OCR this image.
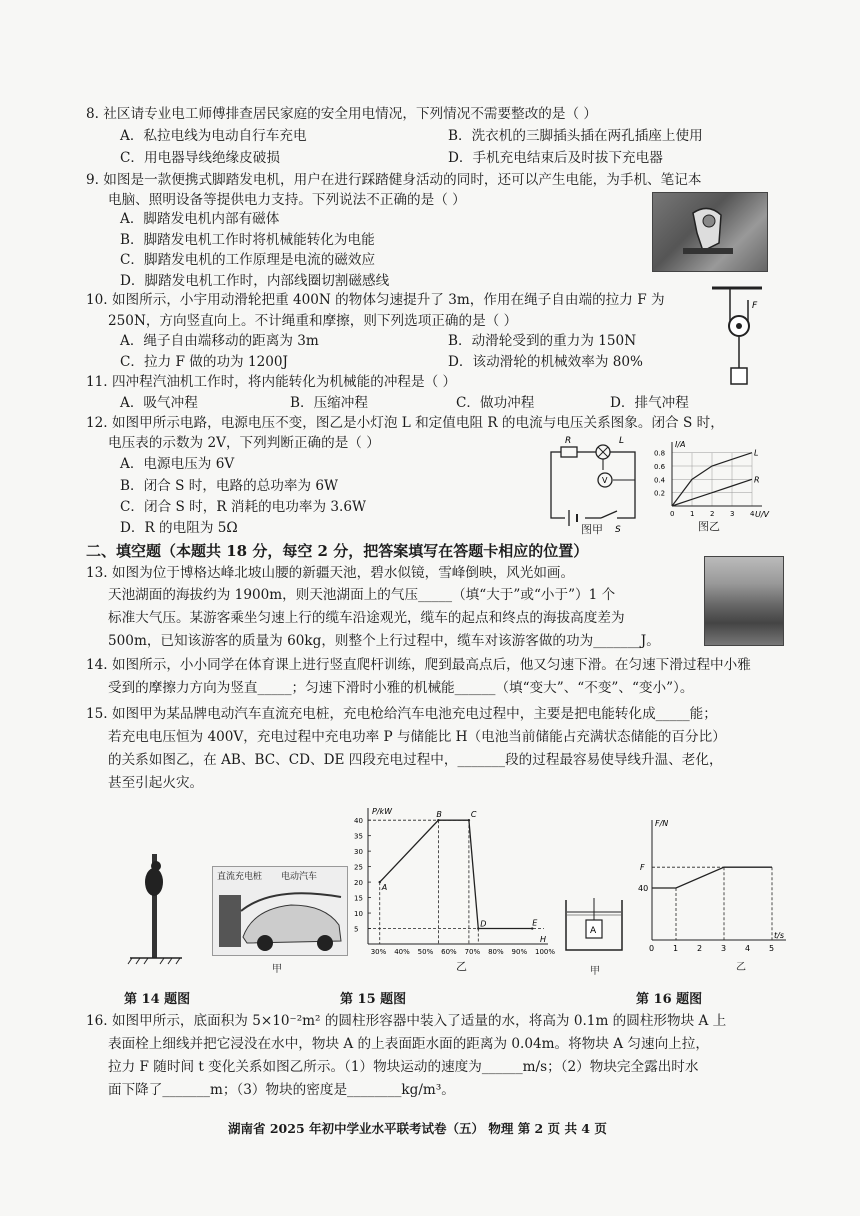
8. 社区请专业电工师傅排查居民家庭的安全用电情况，下列情况不需要整改的是（ ）
A．私拉电线为电动自行车充电	B．洗衣机的三脚插头插在两孔插座上使用
C．用电器导线绝缘皮破损	D．手机充电结束后及时拔下充电器
9. 如图是一款便携式脚踏发电机，用户在进行踩踏健身活动的同时，还可以产生电能，为手机、笔记本
电脑、照明设备等提供电力支持。下列说法不正确的是（ ）
A．脚踏发电机内部有磁体
B．脚踏发电机工作时将机械能转化为电能
C．脚踏发电机的工作原理是电流的磁效应
D．脚踏发电机工作时，内部线圈切割磁感线
10. 如图所示，小宇用动滑轮把重 400N 的物体匀速提升了 3m，作用在绳子自由端的拉力 F 为
250N，方向竖直向上。不计绳重和摩擦，则下列选项正确的是（ ）
A．绳子自由端移动的距离为 3m	B．动滑轮受到的重力为 150N
C．拉力 F 做的功为 1200J	D．该动滑轮的机械效率为 80%
F
11. 四冲程汽油机工作时，将内能转化为机械能的冲程是（ ）
A．吸气冲程	B．压缩冲程	C．做功冲程	D．排气冲程
12. 如图甲所示电路，电源电压不变，图乙是小灯泡 L 和定值电阻 R 的电流与电压关系图象。闭合 S 时，
电压表的示数为 2V，下列判断正确的是（ ）
A．电源电压为 6V
B．闭合 S 时，电路的总功率为 6W
C．闭合 S 时，R 消耗的电功率为 3.6W
D．R 的电阻为 5Ω
R	L
V
S
图甲
I/A
U/V
0.8
0.6
0.4
0.2
0 1 2 3 4
L
R
图乙
二、填空题（本题共 18 分，每空 2 分，把答案填写在答题卡相应的位置）
13. 如图为位于博格达峰北坡山腰的新疆天池，碧水似镜，雪峰倒映，风光如画。
天池湖面的海拔约为 1900m，则天池湖面上的气压_____（填“大于”或“小于”）1 个
标准大气压。某游客乘坐匀速上行的缆车沿途观光，缆车的起点和终点的海拔高度差为
500m，已知该游客的质量为 60kg，则整个上行过程中，缆车对该游客做的功为_______J。
14. 如图所示，小小同学在体育课上进行竖直爬杆训练，爬到最高点后，他又匀速下滑。在匀速下滑过程中小雅
受到的摩擦力方向为竖直_____；匀速下滑时小雅的机械能______（填“变大”、“不变”、“变小”）。
15. 如图甲为某品牌电动汽车直流充电桩，充电枪给汽车电池充电过程中，主要是把电能转化成_____能；
若充电电压恒为 400V，充电过程中充电功率 P 与储能比 H（电池当前储能占充满状态储能的百分比）
的关系如图乙，在 AB、BC、CD、DE 四段充电过程中，_______段的过程最容易使导线升温、老化，
甚至引起火灾。
直流充电桩 电动汽车
甲
P/kW
H
40
35
30
25
20
15
10
5
30% 40% 50% 60% 70% 80% 90% 100%
A
B	C
D	E
乙
A
甲
F/N
t/s
0 1 2 3 4 5
40
F
乙
第 14 题图	第 15 题图	第 16 题图
16. 如图甲所示，底面积为 5×10⁻²m² 的圆柱形容器中装入了适量的水，将高为 0.1m 的圆柱形物块 A 上
表面栓上细线并把它浸没在水中，物块 A 的上表面距水面的距离为 0.04m。将物块 A 匀速向上拉，
拉力 F 随时间 t 变化关系如图乙所示。（1）物块运动的速度为______m/s；（2）物块完全露出时水
面下降了_______m；（3）物块的密度是________kg/m³。
湖南省 2025 年初中学业水平联考试卷（五） 物理 第 2 页 共 4 页
